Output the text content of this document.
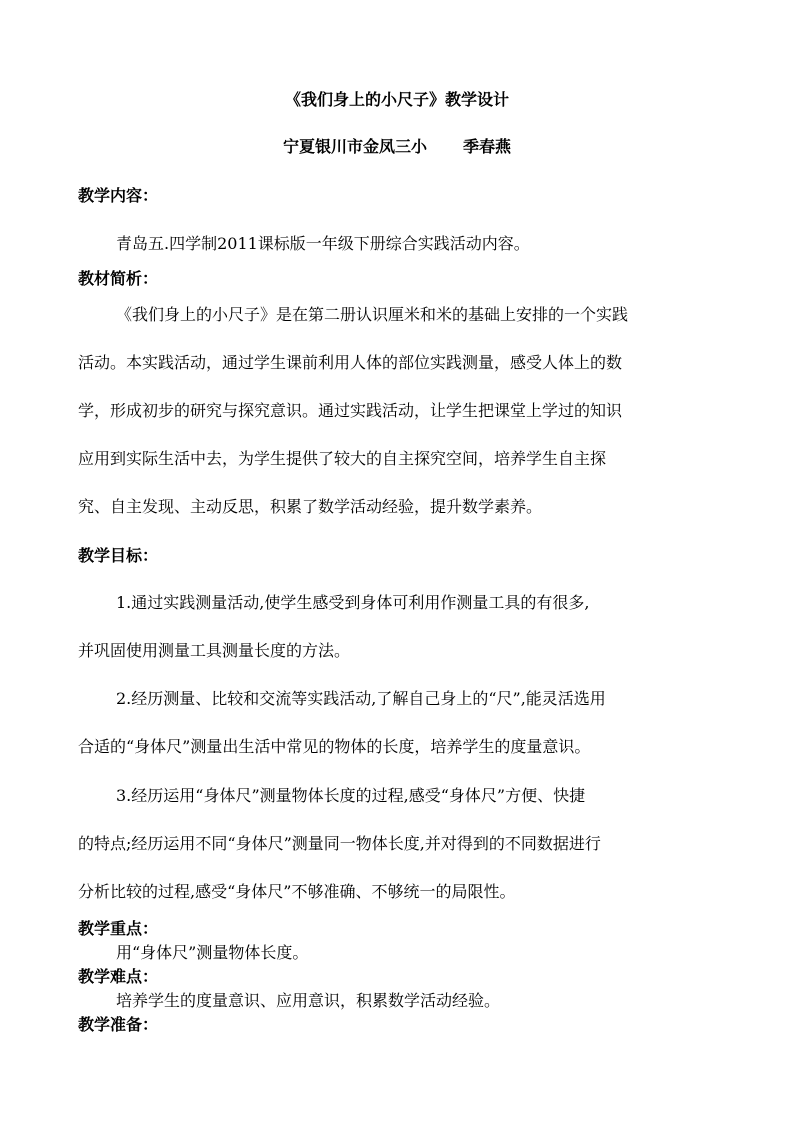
《我们身上的小尺子》教学设计
宁夏银川市金凤三小 季春燕
教学内容：
青岛五.四学制2011课标版一年级下册综合实践活动内容。
教材简析：
《我们身上的小尺子》是在第二册认识厘米和米的基础上安排的一个实践
活动。本实践活动，通过学生课前利用人体的部位实践测量，感受人体上的数
学，形成初步的研究与探究意识。通过实践活动，让学生把课堂上学过的知识
应用到实际生活中去，为学生提供了较大的自主探究空间，培养学生自主探
究、自主发现、主动反思，积累了数学活动经验，提升数学素养。
教学目标：
1.通过实践测量活动,使学生感受到身体可利用作测量工具的有很多,
并巩固使用测量工具测量长度的方法。
2.经历测量、比较和交流等实践活动,了解自己身上的“尺”,能灵活选用
合适的“身体尺”测量出生活中常见的物体的长度，培养学生的度量意识。
3.经历运用“身体尺”测量物体长度的过程,感受“身体尺”方便、快捷
的特点;经历运用不同“身体尺”测量同一物体长度,并对得到的不同数据进行
分析比较的过程,感受“身体尺”不够准确、不够统一的局限性。
教学重点：
用“身体尺”测量物体长度。
教学难点：
培养学生的度量意识、应用意识，积累数学活动经验。
教学准备：
